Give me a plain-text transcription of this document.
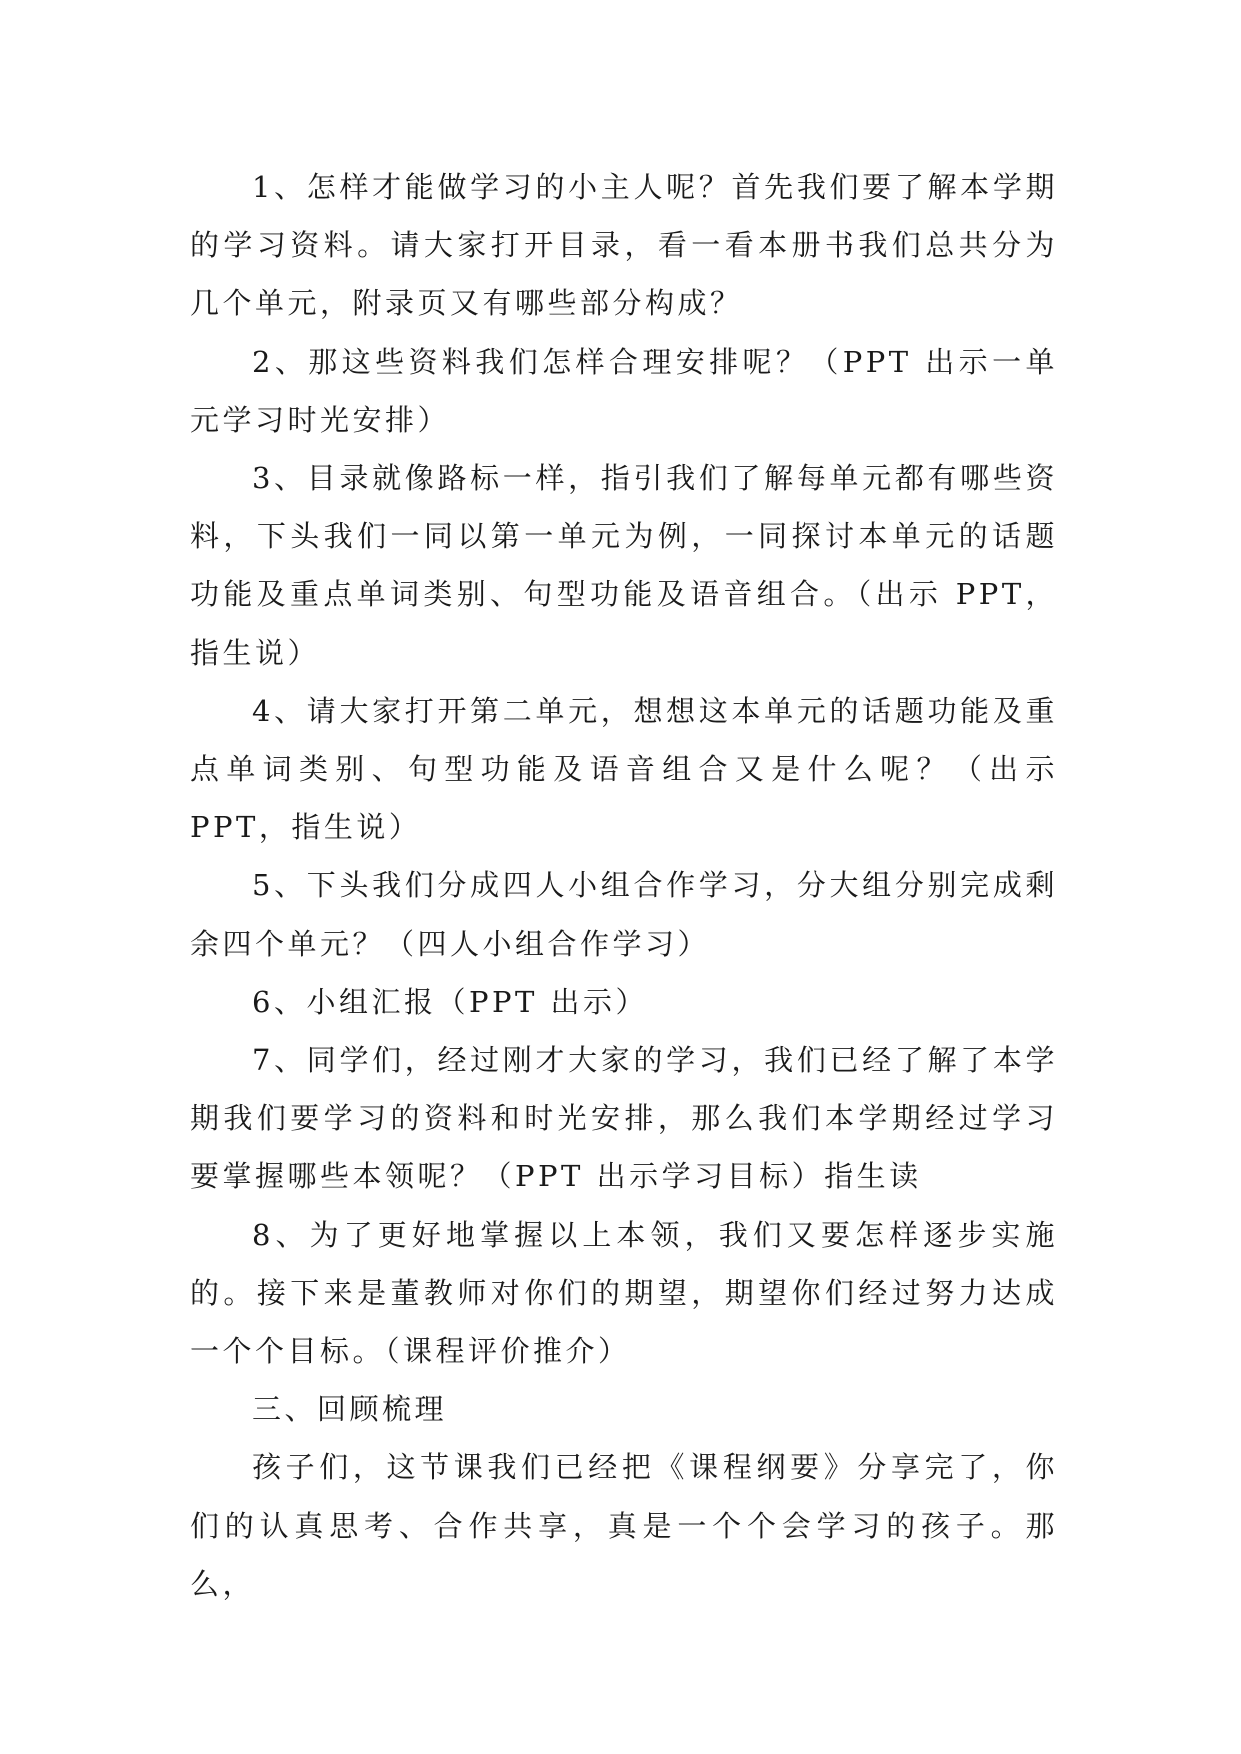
1、怎样才能做学习的小主人呢？首先我们要了解本学期的学习资料。请大家打开目录，看一看本册书我们总共分为几个单元，附录页又有哪些部分构成？

2、那这些资料我们怎样合理安排呢？（PPT 出示一单元学习时光安排）

3、目录就像路标一样，指引我们了解每单元都有哪些资料，下头我们一同以第一单元为例，一同探讨本单元的话题功能及重点单词类别、句型功能及语音组合。（出示 PPT，指生说）

4、请大家打开第二单元，想想这本单元的话题功能及重点单词类别、句型功能及语音组合又是什么呢？（出示 PPT，指生说）

5、下头我们分成四人小组合作学习，分大组分别完成剩余四个单元？（四人小组合作学习）

6、小组汇报（PPT 出示）

7、同学们，经过刚才大家的学习，我们已经了解了本学期我们要学习的资料和时光安排，那么我们本学期经过学习要掌握哪些本领呢？（PPT 出示学习目标）指生读

8、为了更好地掌握以上本领，我们又要怎样逐步实施的。接下来是董教师对你们的期望，期望你们经过努力达成一个个目标。（课程评价推介）

三、回顾梳理

孩子们，这节课我们已经把《课程纲要》分享完了，你们的认真思考、合作共享，真是一个个会学习的孩子。那么，
